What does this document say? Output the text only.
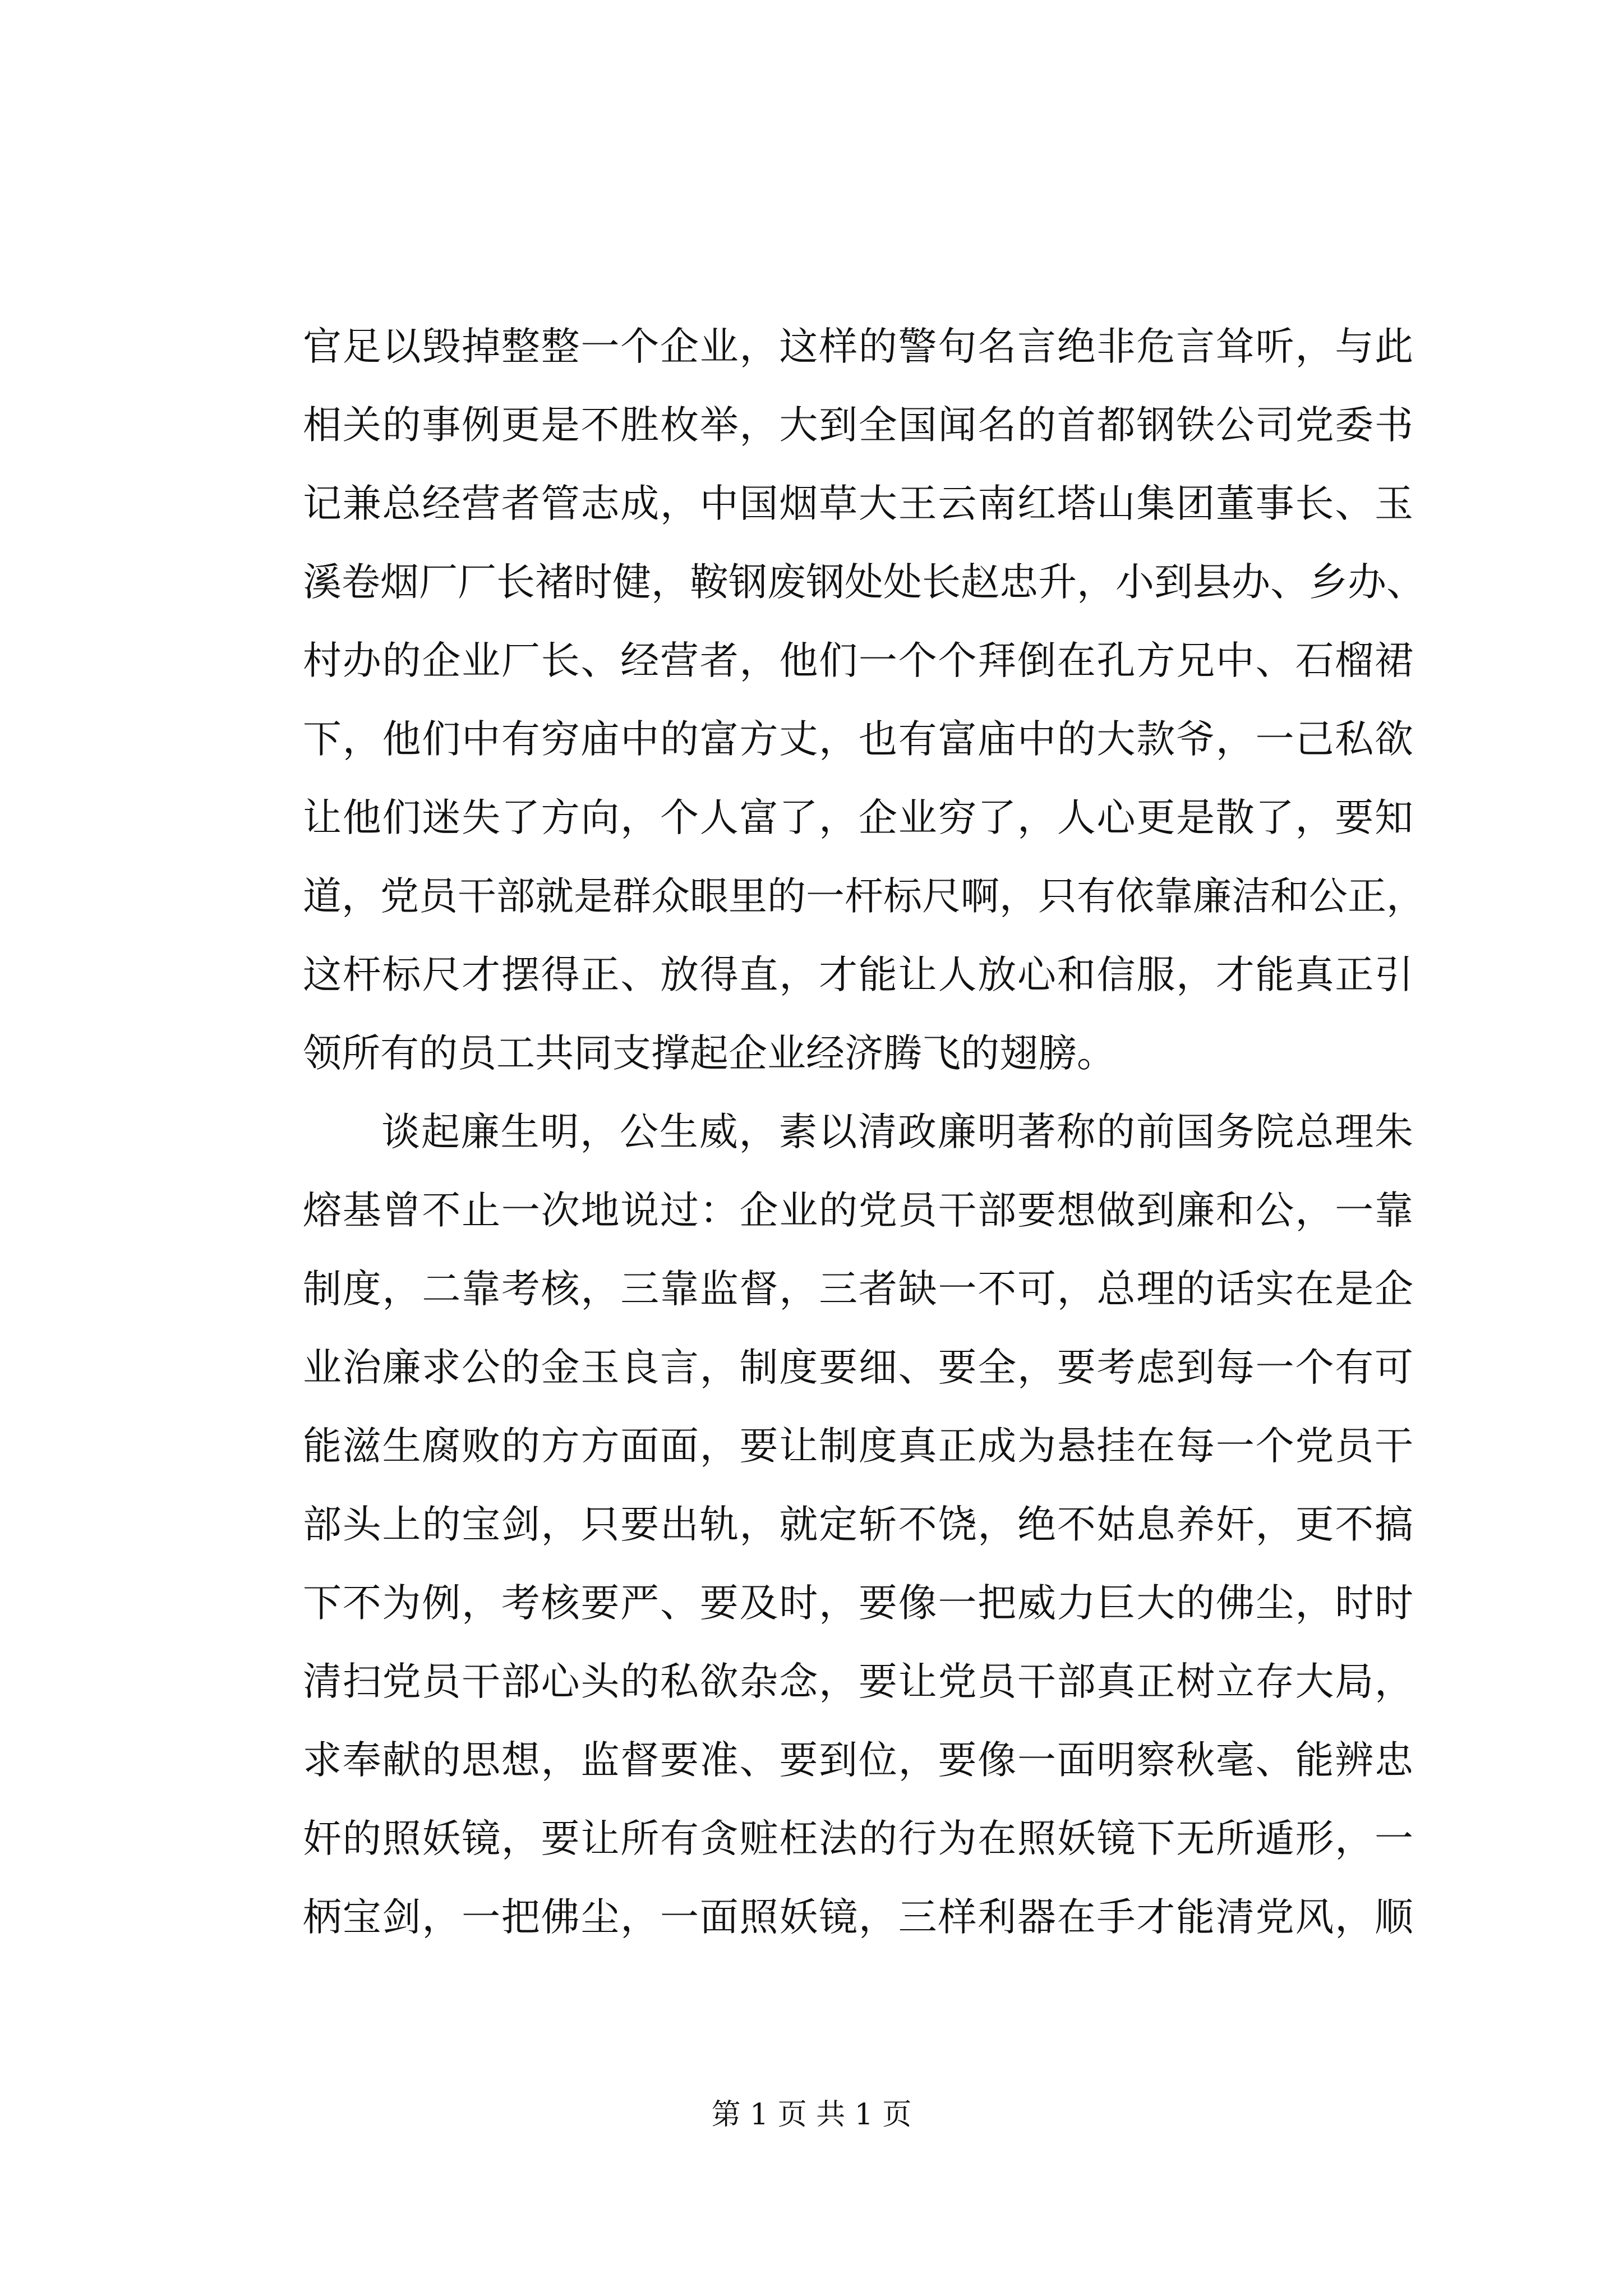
官足以毁掉整整一个企业，这样的警句名言绝非危言耸听，与此
相关的事例更是不胜枚举，大到全国闻名的首都钢铁公司党委书
记兼总经营者管志成，中国烟草大王云南红塔山集团董事长、玉
溪卷烟厂厂长褚时健，鞍钢废钢处处长赵忠升，小到县办、乡办、
村办的企业厂长、经营者，他们一个个拜倒在孔方兄中、石榴裙
下，他们中有穷庙中的富方丈，也有富庙中的大款爷，一己私欲
让他们迷失了方向，个人富了，企业穷了，人心更是散了，要知
道，党员干部就是群众眼里的一杆标尺啊，只有依靠廉洁和公正，
这杆标尺才摆得正、放得直，才能让人放心和信服，才能真正引
领所有的员工共同支撑起企业经济腾飞的翅膀。
谈起廉生明，公生威，素以清政廉明著称的前国务院总理朱
熔基曾不止一次地说过：企业的党员干部要想做到廉和公，一靠
制度，二靠考核，三靠监督，三者缺一不可，总理的话实在是企
业治廉求公的金玉良言，制度要细、要全，要考虑到每一个有可
能滋生腐败的方方面面，要让制度真正成为悬挂在每一个党员干
部头上的宝剑，只要出轨，就定斩不饶，绝不姑息养奸，更不搞
下不为例，考核要严、要及时，要像一把威力巨大的佛尘，时时
清扫党员干部心头的私欲杂念，要让党员干部真正树立存大局，
求奉献的思想，监督要准、要到位，要像一面明察秋毫、能辨忠
奸的照妖镜，要让所有贪赃枉法的行为在照妖镜下无所遁形，一
柄宝剑，一把佛尘，一面照妖镜，三样利器在手才能清党风，顺
第 1 页 共 1 页
